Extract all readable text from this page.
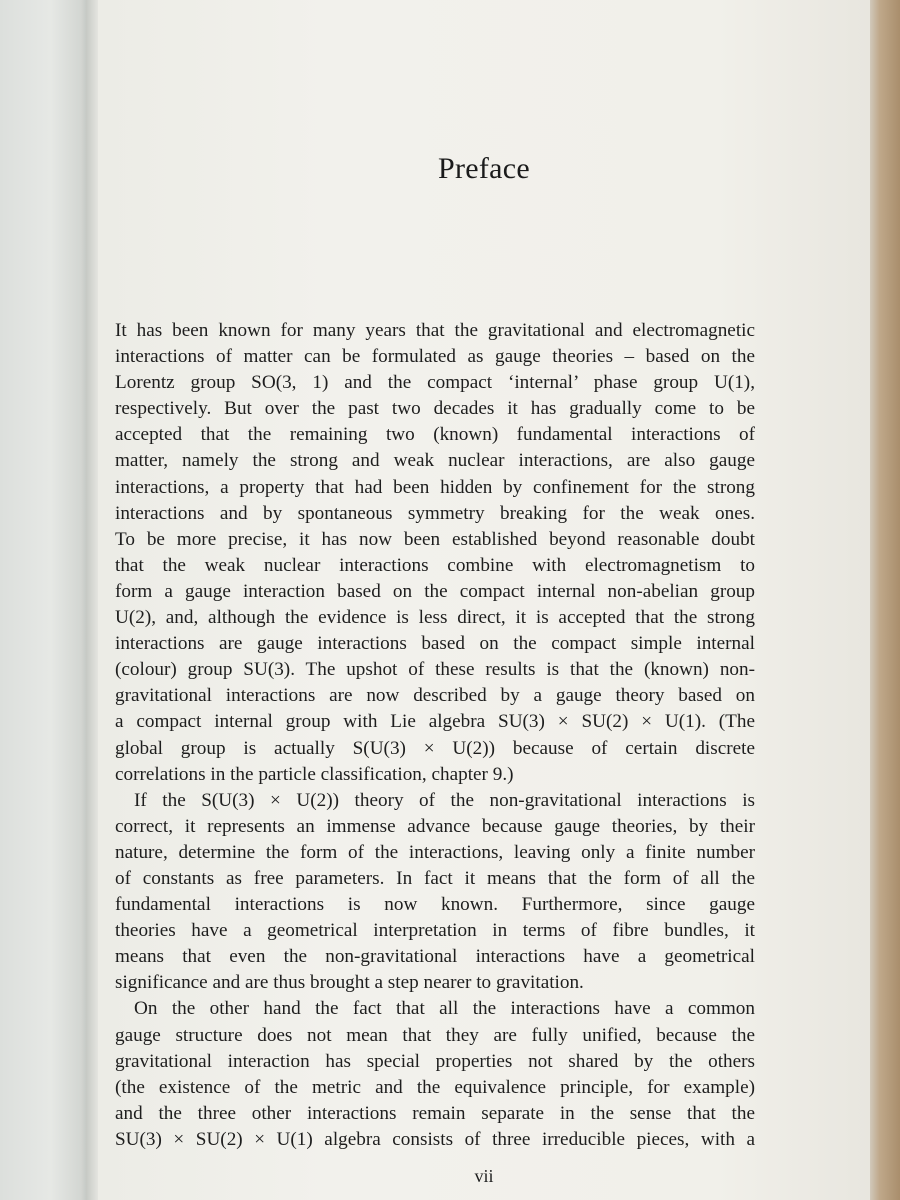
Preface

It has been known for many years that the gravitational and electromagnetic
interactions of matter can be formulated as gauge theories – based on the
Lorentz group SO(3, 1) and the compact ‘internal’ phase group U(1),
respectively. But over the past two decades it has gradually come to be
accepted that the remaining two (known) fundamental interactions of
matter, namely the strong and weak nuclear interactions, are also gauge
interactions, a property that had been hidden by confinement for the strong
interactions and by spontaneous symmetry breaking for the weak ones.
To be more precise, it has now been established beyond reasonable doubt
that the weak nuclear interactions combine with electromagnetism to
form a gauge interaction based on the compact internal non-abelian group
U(2), and, although the evidence is less direct, it is accepted that the strong
interactions are gauge interactions based on the compact simple internal
(colour) group SU(3). The upshot of these results is that the (known) non-
gravitational interactions are now described by a gauge theory based on
a compact internal group with Lie algebra SU(3) × SU(2) × U(1). (The
global group is actually S(U(3) × U(2)) because of certain discrete
correlations in the particle classification, chapter 9.)

If the S(U(3) × U(2)) theory of the non-gravitational interactions is
correct, it represents an immense advance because gauge theories, by their
nature, determine the form of the interactions, leaving only a finite number
of constants as free parameters. In fact it means that the form of all the
fundamental interactions is now known. Furthermore, since gauge
theories have a geometrical interpretation in terms of fibre bundles, it
means that even the non-gravitational interactions have a geometrical
significance and are thus brought a step nearer to gravitation.

On the other hand the fact that all the interactions have a common
gauge structure does not mean that they are fully unified, because the
gravitational interaction has special properties not shared by the others
(the existence of the metric and the equivalence principle, for example)
and the three other interactions remain separate in the sense that the
SU(3) × SU(2) × U(1) algebra consists of three irreducible pieces, with a

vii
